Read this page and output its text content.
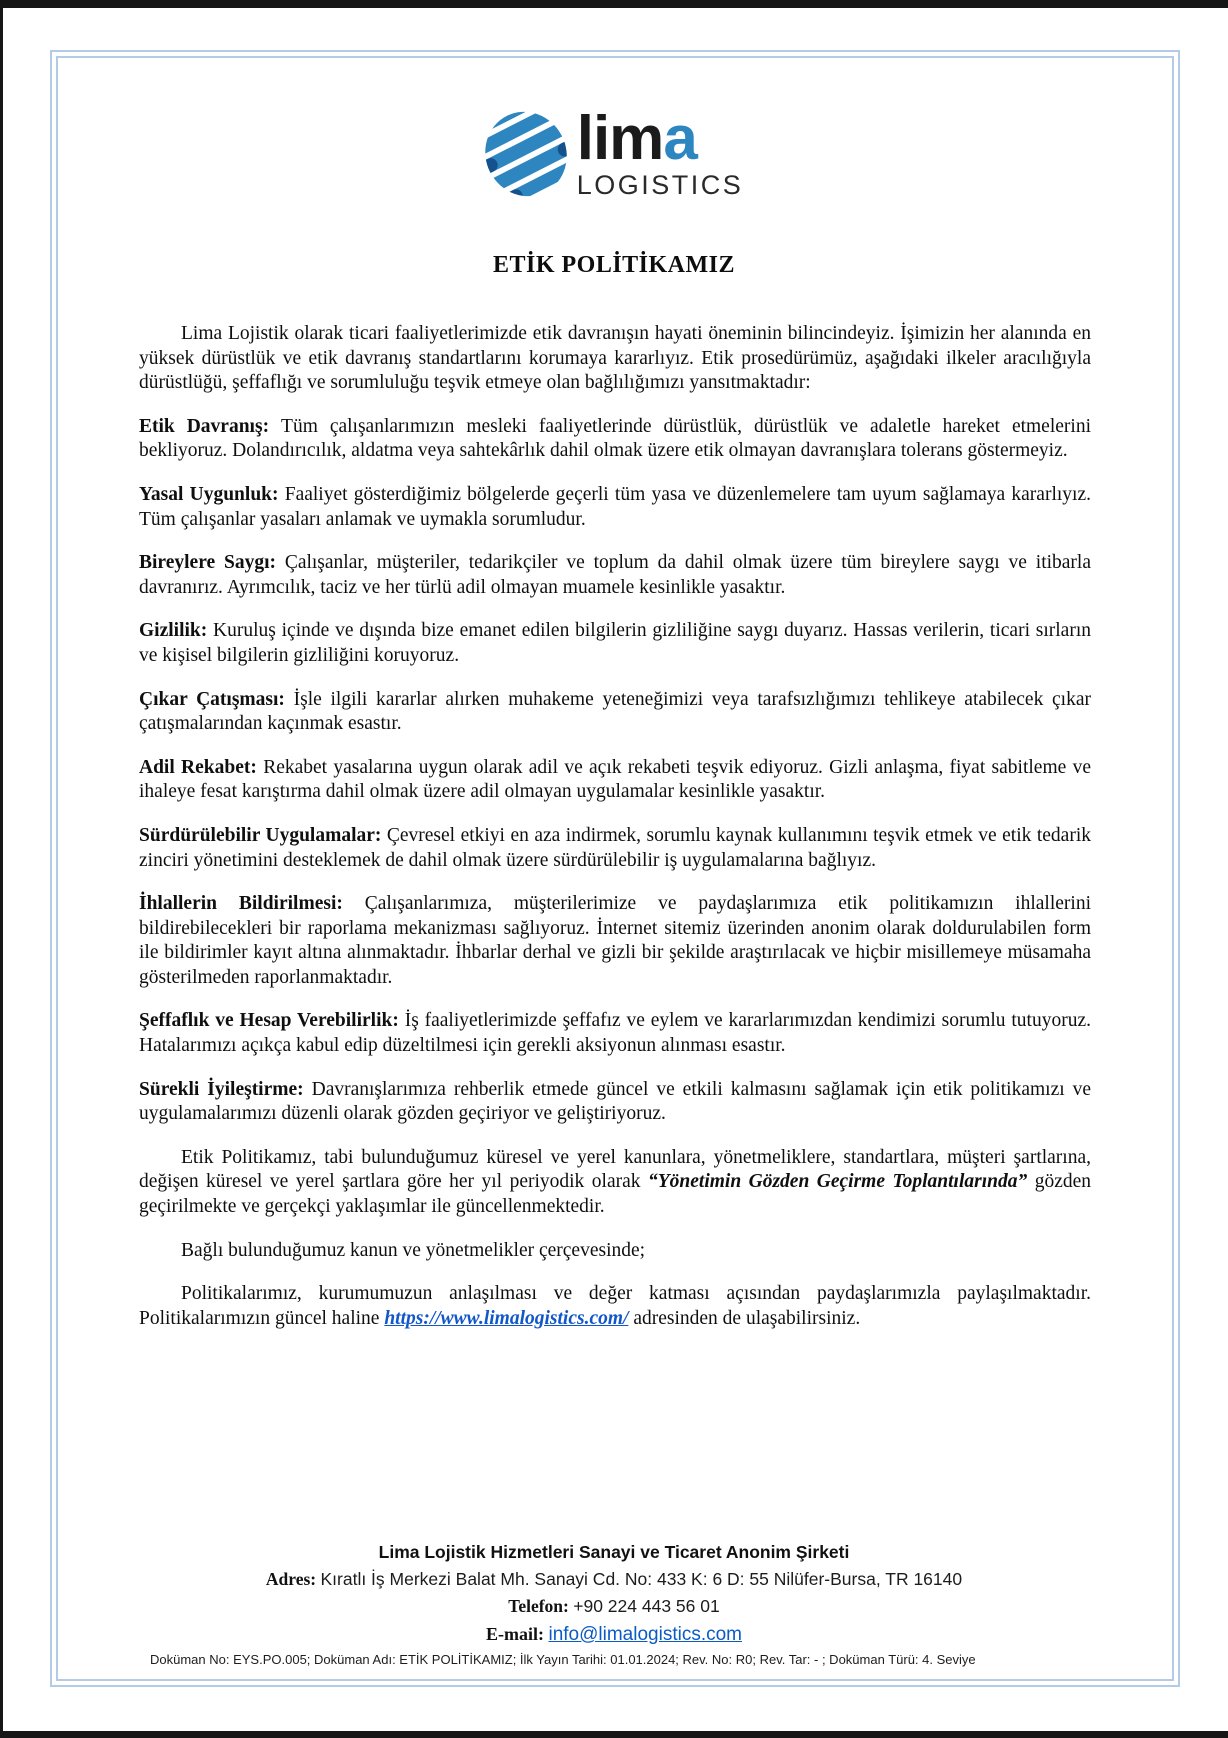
lima
LOGISTICS
ETİK POLİTİKAMIZ

Lima Lojistik olarak ticari faaliyetlerimizde etik davranışın hayati öneminin bilincindeyiz. İşimizin her alanında en yüksek dürüstlük ve etik davranış standartlarını korumaya kararlıyız. Etik prosedürümüz, aşağıdaki ilkeler aracılığıyla dürüstlüğü, şeffaflığı ve sorumluluğu teşvik etmeye olan bağlılığımızı yansıtmaktadır:

Etik Davranış: Tüm çalışanlarımızın mesleki faaliyetlerinde dürüstlük, dürüstlük ve adaletle hareket etmelerini bekliyoruz. Dolandırıcılık, aldatma veya sahtekârlık dahil olmak üzere etik olmayan davranışlara tolerans göstermeyiz.

Yasal Uygunluk: Faaliyet gösterdiğimiz bölgelerde geçerli tüm yasa ve düzenlemelere tam uyum sağlamaya kararlıyız. Tüm çalışanlar yasaları anlamak ve uymakla sorumludur.

Bireylere Saygı: Çalışanlar, müşteriler, tedarikçiler ve toplum da dahil olmak üzere tüm bireylere saygı ve itibarla davranırız. Ayrımcılık, taciz ve her türlü adil olmayan muamele kesinlikle yasaktır.

Gizlilik: Kuruluş içinde ve dışında bize emanet edilen bilgilerin gizliliğine saygı duyarız. Hassas verilerin, ticari sırların ve kişisel bilgilerin gizliliğini koruyoruz.

Çıkar Çatışması: İşle ilgili kararlar alırken muhakeme yeteneğimizi veya tarafsızlığımızı tehlikeye atabilecek çıkar çatışmalarından kaçınmak esastır.

Adil Rekabet: Rekabet yasalarına uygun olarak adil ve açık rekabeti teşvik ediyoruz. Gizli anlaşma, fiyat sabitleme ve ihaleye fesat karıştırma dahil olmak üzere adil olmayan uygulamalar kesinlikle yasaktır.

Sürdürülebilir Uygulamalar: Çevresel etkiyi en aza indirmek, sorumlu kaynak kullanımını teşvik etmek ve etik tedarik zinciri yönetimini desteklemek de dahil olmak üzere sürdürülebilir iş uygulamalarına bağlıyız.

İhlallerin Bildirilmesi: Çalışanlarımıza, müşterilerimize ve paydaşlarımıza etik politikamızın ihlallerini bildirebilecekleri bir raporlama mekanizması sağlıyoruz. İnternet sitemiz üzerinden anonim olarak doldurulabilen form ile bildirimler kayıt altına alınmaktadır. İhbarlar derhal ve gizli bir şekilde araştırılacak ve hiçbir misillemeye müsamaha gösterilmeden raporlanmaktadır.

Şeffaflık ve Hesap Verebilirlik: İş faaliyetlerimizde şeffafız ve eylem ve kararlarımızdan kendimizi sorumlu tutuyoruz. Hatalarımızı açıkça kabul edip düzeltilmesi için gerekli aksiyonun alınması esastır.

Sürekli İyileştirme: Davranışlarımıza rehberlik etmede güncel ve etkili kalmasını sağlamak için etik politikamızı ve uygulamalarımızı düzenli olarak gözden geçiriyor ve geliştiriyoruz.

Etik Politikamız, tabi bulunduğumuz küresel ve yerel kanunlara, yönetmeliklere, standartlara, müşteri şartlarına, değişen küresel ve yerel şartlara göre her yıl periyodik olarak “Yönetimin Gözden Geçirme Toplantılarında” gözden geçirilmekte ve gerçekçi yaklaşımlar ile güncellenmektedir.

Bağlı bulunduğumuz kanun ve yönetmelikler çerçevesinde;

Politikalarımız, kurumumuzun anlaşılması ve değer katması açısından paydaşlarımızla paylaşılmaktadır. Politikalarımızın güncel haline https://www.limalogistics.com/ adresinden de ulaşabilirsiniz.

Lima Lojistik Hizmetleri Sanayi ve Ticaret Anonim Şirketi
Adres: Kıratlı İş Merkezi Balat Mh. Sanayi Cd. No: 433 K: 6 D: 55 Nilüfer-Bursa, TR 16140
Telefon: +90 224 443 56 01
E-mail: info@limalogistics.com
Doküman No: EYS.PO.005; Doküman Adı: ETİK POLİTİKAMIZ; İlk Yayın Tarihi: 01.01.2024; Rev. No: R0; Rev. Tar: - ; Doküman Türü: 4. Seviye
